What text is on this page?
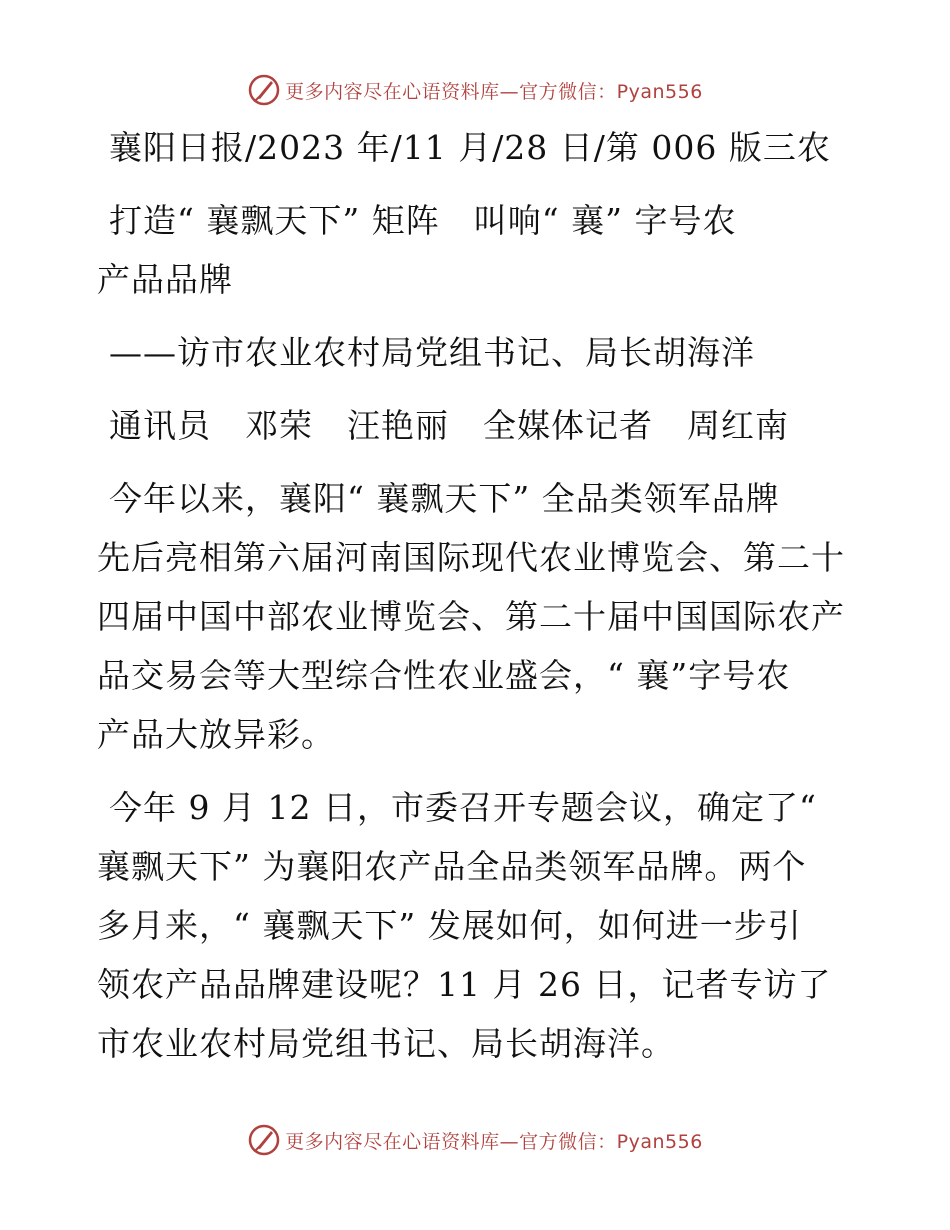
更多内容尽在心语资料库—官方微信：Pyan556
襄阳日报/2023 年/11 月/28 日/第 006 版三农
打造“ 襄飘天下” 矩阵　叫响“ 襄” 字号农
产品品牌
——访市农业农村局党组书记、局长胡海洋
通讯员　邓荣　汪艳丽　全媒体记者　周红南
今年以来，襄阳“ 襄飘天下” 全品类领军品牌
先后亮相第六届河南国际现代农业博览会、第二十
四届中国中部农业博览会、第二十届中国国际农产
品交易会等大型综合性农业盛会，“ 襄”字号农
产品大放异彩。
今年 9 月 12 日，市委召开专题会议，确定了“
襄飘天下” 为襄阳农产品全品类领军品牌。两个
多月来，“ 襄飘天下” 发展如何，如何进一步引
领农产品品牌建设呢？11 月 26 日，记者专访了
市农业农村局党组书记、局长胡海洋。
更多内容尽在心语资料库—官方微信：Pyan556
